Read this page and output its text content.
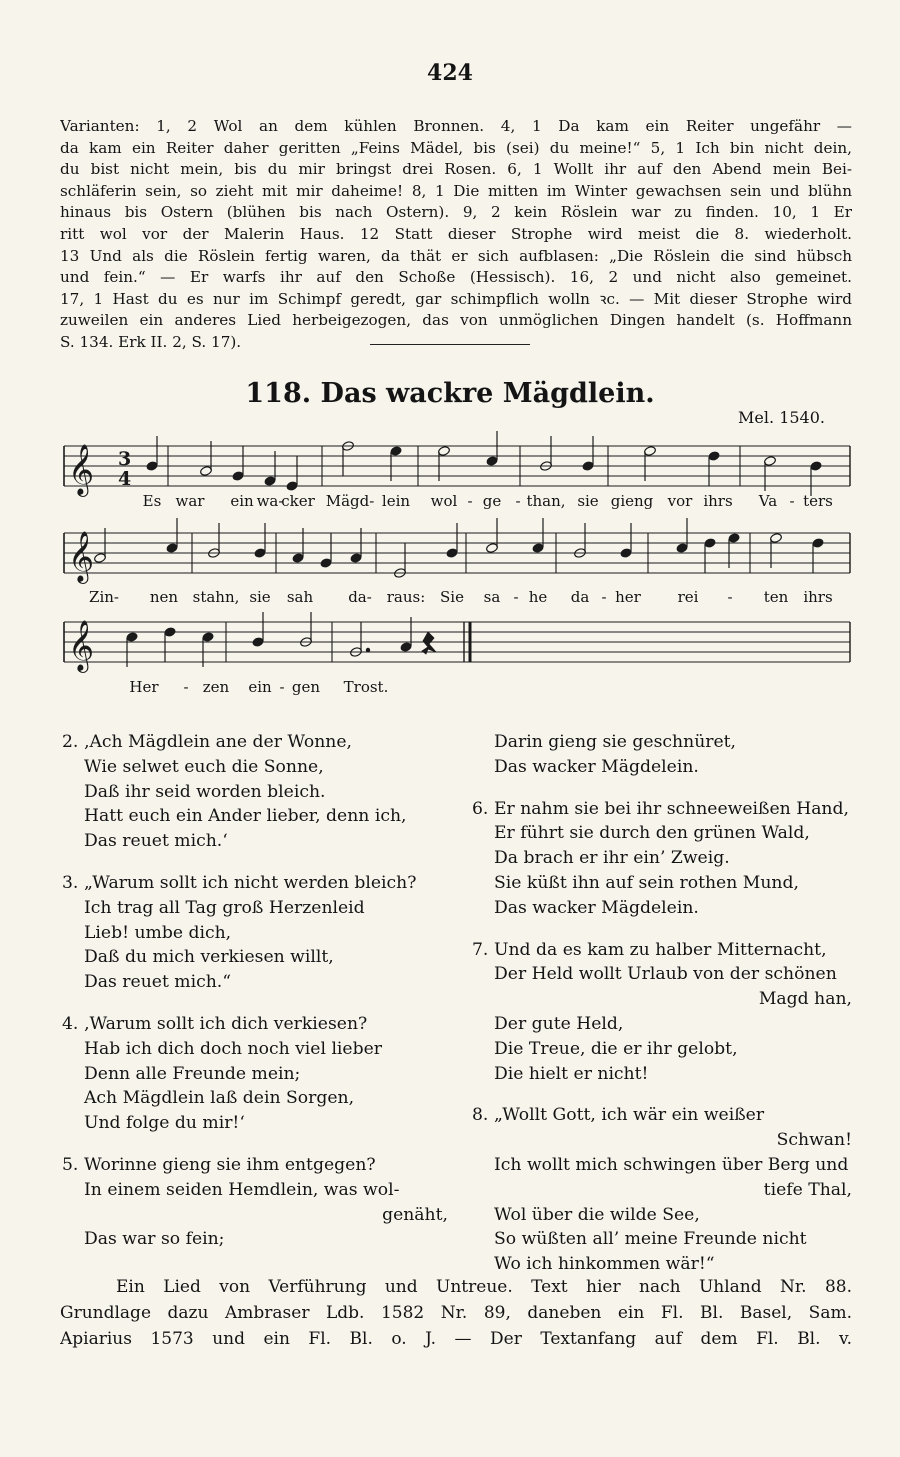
424
Varianten: 1, 2 Wol an dem kühlen Bronnen. 4, 1 Da kam ein Reiter ungefähr —
da kam ein Reiter daher geritten „Feins Mädel, bis (sei) du meine!“ 5, 1 Ich bin nicht dein,
du bist nicht mein, bis du mir bringst drei Rosen. 6, 1 Wollt ihr auf den Abend mein Bei-
schläferin sein, so zieht mit mir daheime! 8, 1 Die mitten im Winter gewachsen sein und blühn
hinaus bis Ostern (blühen bis nach Ostern). 9, 2 kein Röslein war zu finden. 10, 1 Er
ritt wol vor der Malerin Haus. 12 Statt dieser Strophe wird meist die 8. wiederholt.
13 Und als die Röslein fertig waren, da thät er sich aufblasen: „Die Röslein die sind hübsch
und fein.“ — Er warfs ihr auf den Schoße (Hessisch). 16, 2 und nicht also gemeinet.
17, 1 Hast du es nur im Schimpf geredt, gar schimpflich wolln ꝛc. — Mit dieser Strophe wird
zuweilen ein anderes Lied herbeigezogen, das von unmöglichen Dingen handelt (s. Hoffmann
S. 134. Erk II. 2, S. 17).
118. Das wackre Mägdlein.
Mel. 1540.
𝄞
𝄞
𝄞
3
4
Es war ein wa-
cker Mägd- lein wol - ge - than, sie gieng vor ihrs Va - ters
Zin- nen stahn, sie sah da- raus: Sie sa - he da - her rei - ten ihrs
Her - zen ein - gen Trost.
2. ‚Ach Mägdlein ane der Wonne,
Wie selwet euch die Sonne,
Daß ihr seid worden bleich.
Hatt euch ein Ander lieber, denn ich,
Das reuet mich.‘
3. „Warum sollt ich nicht werden bleich?
Ich trag all Tag groß Herzenleid
Lieb! umbe dich,
Daß du mich verkiesen willt,
Das reuet mich.“
4. ‚Warum sollt ich dich verkiesen?
Hab ich dich doch noch viel lieber
Denn alle Freunde mein;
Ach Mägdlein laß dein Sorgen,
Und folge du mir!‘
5. Worinne gieng sie ihm entgegen?
In einem seiden Hemdlein, was wol-
genäht,
Das war so fein;
Darin gieng sie geschnüret,
Das wacker Mägdelein.
6. Er nahm sie bei ihr schneeweißen Hand,
Er führt sie durch den grünen Wald,
Da brach er ihr ein’ Zweig.
Sie küßt ihn auf sein rothen Mund,
Das wacker Mägdelein.
7. Und da es kam zu halber Mitternacht,
Der Held wollt Urlaub von der schönen
Magd han,
Der gute Held,
Die Treue, die er ihr gelobt,
Die hielt er nicht!
8. „Wollt Gott, ich wär ein weißer
Schwan!
Ich wollt mich schwingen über Berg und
tiefe Thal,
Wol über die wilde See,
So wüßten all’ meine Freunde nicht
Wo ich hinkommen wär!“
Ein Lied von Verführung und Untreue. Text hier nach Uhland Nr. 88.
Grundlage dazu Ambraser Ldb. 1582 Nr. 89, daneben ein Fl. Bl. Basel, Sam.
Apiarius 1573 und ein Fl. Bl. o. J. — Der Textanfang auf dem Fl. Bl. v.
